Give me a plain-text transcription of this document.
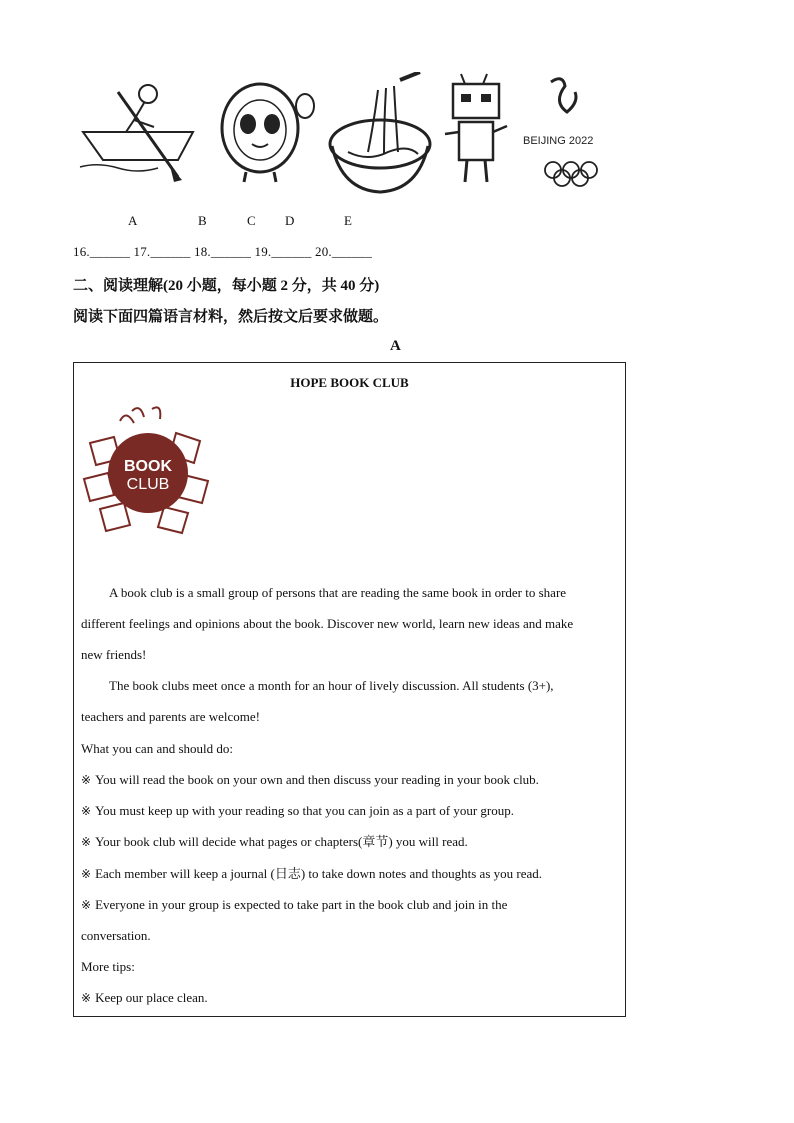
BEIJING 2022
A	B	C D	E
16.______ 17.______ 18.______ 19.______ 20.______
二、阅读理解(20 小题，每小题 2 分，共 40 分)
阅读下面四篇语言材料，然后按文后要求做题。
A
HOPE BOOK CLUB
BOOK
CLUB
A book club is a small group of persons that are reading the same book in order to share
different feelings and opinions about the book. Discover new world, learn new ideas and make
new friends!
The book clubs meet once a month for an hour of lively discussion. All students (3+),
teachers and parents are welcome!
What you can and should do:
※ You will read the book on your own and then discuss your reading in your book club.
※ You must keep up with your reading so that you can join as a part of your group.
※ Your book club will decide what pages or chapters(章节) you will read.
※ Each member will keep a journal (日志) to take down notes and thoughts as you read.
※ Everyone in your group is expected to take part in the book club and join in the
conversation.
More tips:
※ Keep our place clean.
